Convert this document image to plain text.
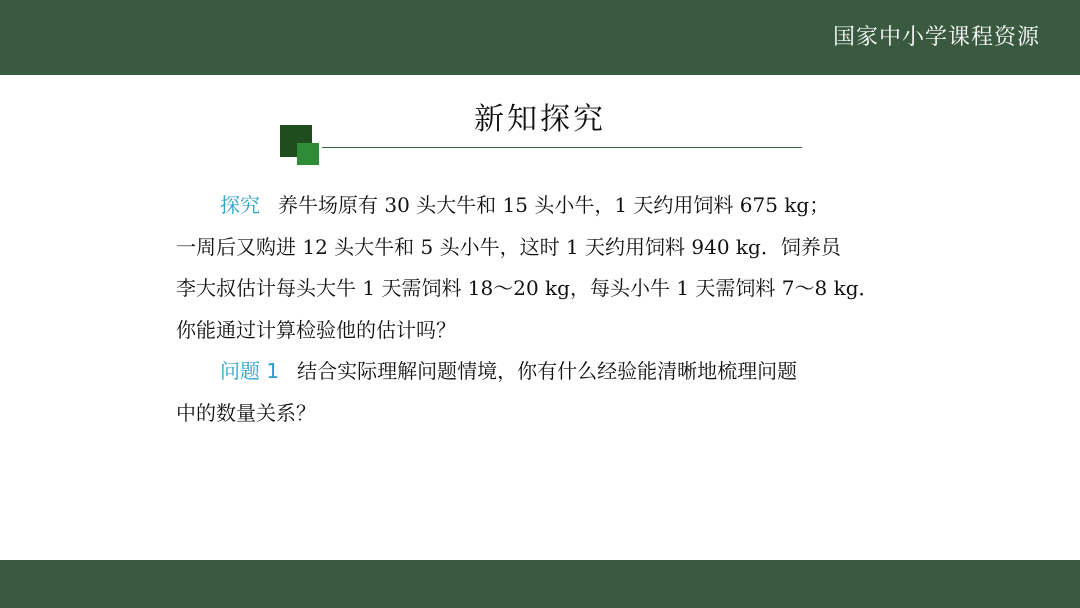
国家中小学课程资源
新知探究

探究 养牛场原有 30 头大牛和 15 头小牛，1 天约用饲料 675 kg；
一周后又购进 12 头大牛和 5 头小牛，这时 1 天约用饲料 940 kg．饲养员
李大叔估计每头大牛 1 天需饲料 18～20 kg，每头小牛 1 天需饲料 7～8 kg．
你能通过计算检验他的估计吗？

问题 1 结合实际理解问题情境，你有什么经验能清晰地梳理问题
中的数量关系？
